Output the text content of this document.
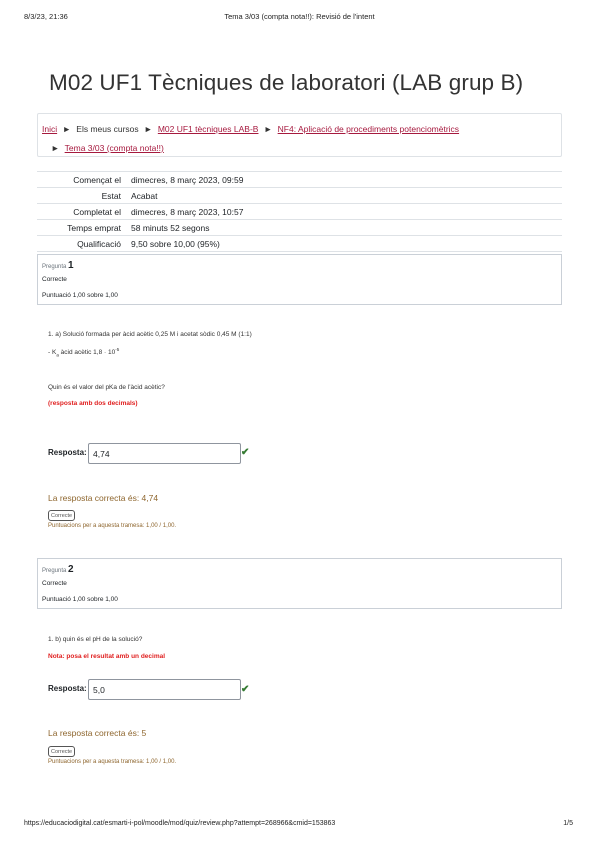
8/3/23, 21:36	Tema 3/03 (compta nota!!): Revisió de l'intent
M02 UF1 Tècniques de laboratori (LAB grup B)
Inici ► Els meus cursos ► M02 UF1 tècniques LAB-B ► NF4: Aplicació de procediments potenciomètrics
► Tema 3/03 (compta nota!!)
Començat el	dimecres, 8 març 2023, 09:59
Estat	Acabat
Completat el	dimecres, 8 març 2023, 10:57
Temps emprat	58 minuts 52 segons
Qualificació	9,50 sobre 10,00 (95%)
Pregunta 1
Correcte
Puntuació 1,00 sobre 1,00
1. a) Solució formada per àcid acètic 0,25 M i acetat sòdic 0,45 M (1:1)
- $K_a$ àcid acètic $1,8 \cdot 10^{-5}$
Quin és el valor del pKa de l'àcid acètic?
(resposta amb dos decimals)
Resposta:
4,74	✔
La resposta correcta és: 4,74
Correcte
Puntuacions per a aquesta tramesa: 1,00 / 1,00.
Pregunta 2
Correcte
Puntuació 1,00 sobre 1,00
1. b) quin és el pH de la solució?
Nota: posa el resultat amb un decimal
Resposta:
5,0	✔
La resposta correcta és: 5
Correcte
Puntuacions per a aquesta tramesa: 1,00 / 1,00.
https://educaciodigital.cat/esmarti-i-pol/moodle/mod/quiz/review.php?attempt=268966&cmid=153863	1/5
